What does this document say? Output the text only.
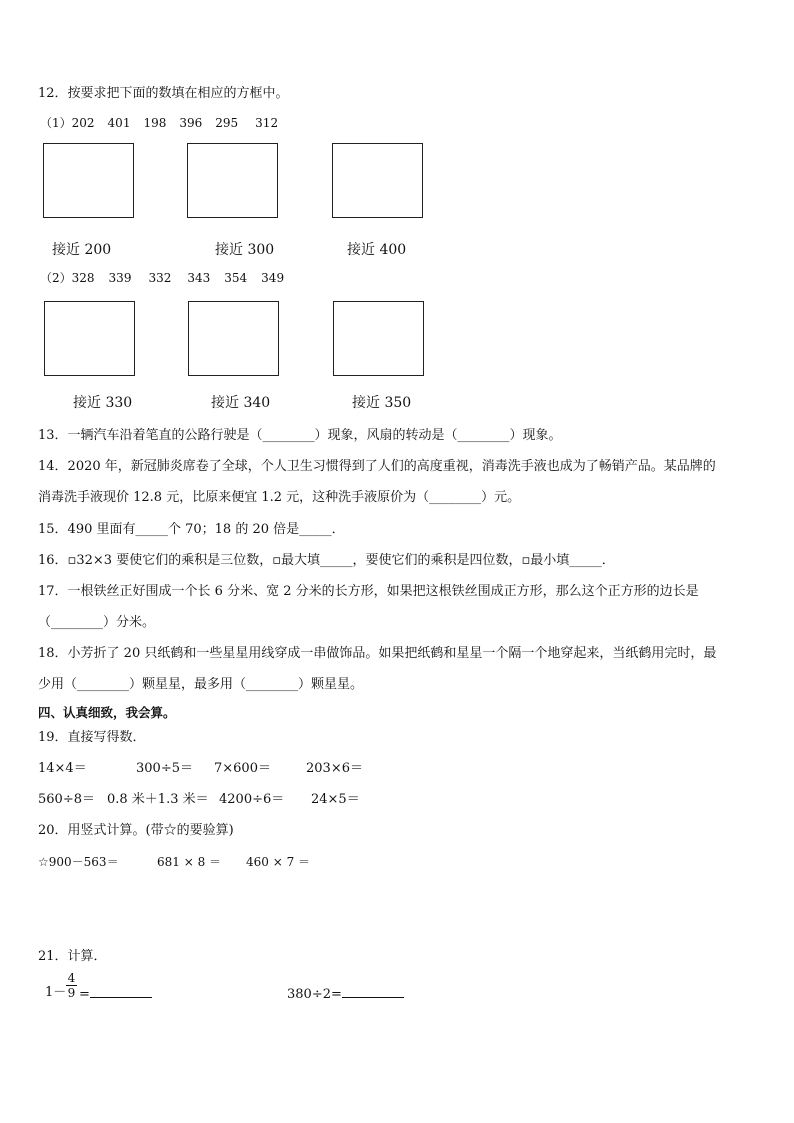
12．按要求把下面的数填在相应的方框中。
（1）202 401 198 396 295 312
接近 200	接近 300	接近 400
（2）328 339 332 343 354 349
接近 330	接近 340	接近 350
13．一辆汽车沿着笔直的公路行驶是（________）现象，风扇的转动是（________）现象。
14．2020 年，新冠肺炎席卷了全球，个人卫生习惯得到了人们的高度重视，消毒洗手液也成为了畅销产品。某品牌的
消毒洗手液现价 12.8 元，比原来便宜 1.2 元，这种洗手液原价为（________）元。
15．490 里面有_____个 70；18 的 20 倍是_____．
16．▫32×3 要使它们的乘积是三位数，▫最大填_____，要使它们的乘积是四位数，▫最小填_____．
17．一根铁丝正好围成一个长 6 分米、宽 2 分米的长方形，如果把这根铁丝围成正方形，那么这个正方形的边长是
（________）分米。
18．小芳折了 20 只纸鹤和一些星星用线穿成一串做饰品。如果把纸鹤和星星一个隔一个地穿起来，当纸鹤用完时，最
少用（________）颗星星，最多用（________）颗星星。
四、认真细致，我会算。
19．直接写得数．
14×4＝	300÷5＝ 7×600＝	203×6＝
560÷8＝ 0.8 米＋1.3 米＝ 4200÷6＝ 24×5＝
20．用竖式计算。(带☆的要验算)
☆900－563＝	681 × 8 ＝ 460 × 7 ＝
21．计算．
1－
4
9 =	380÷2=
